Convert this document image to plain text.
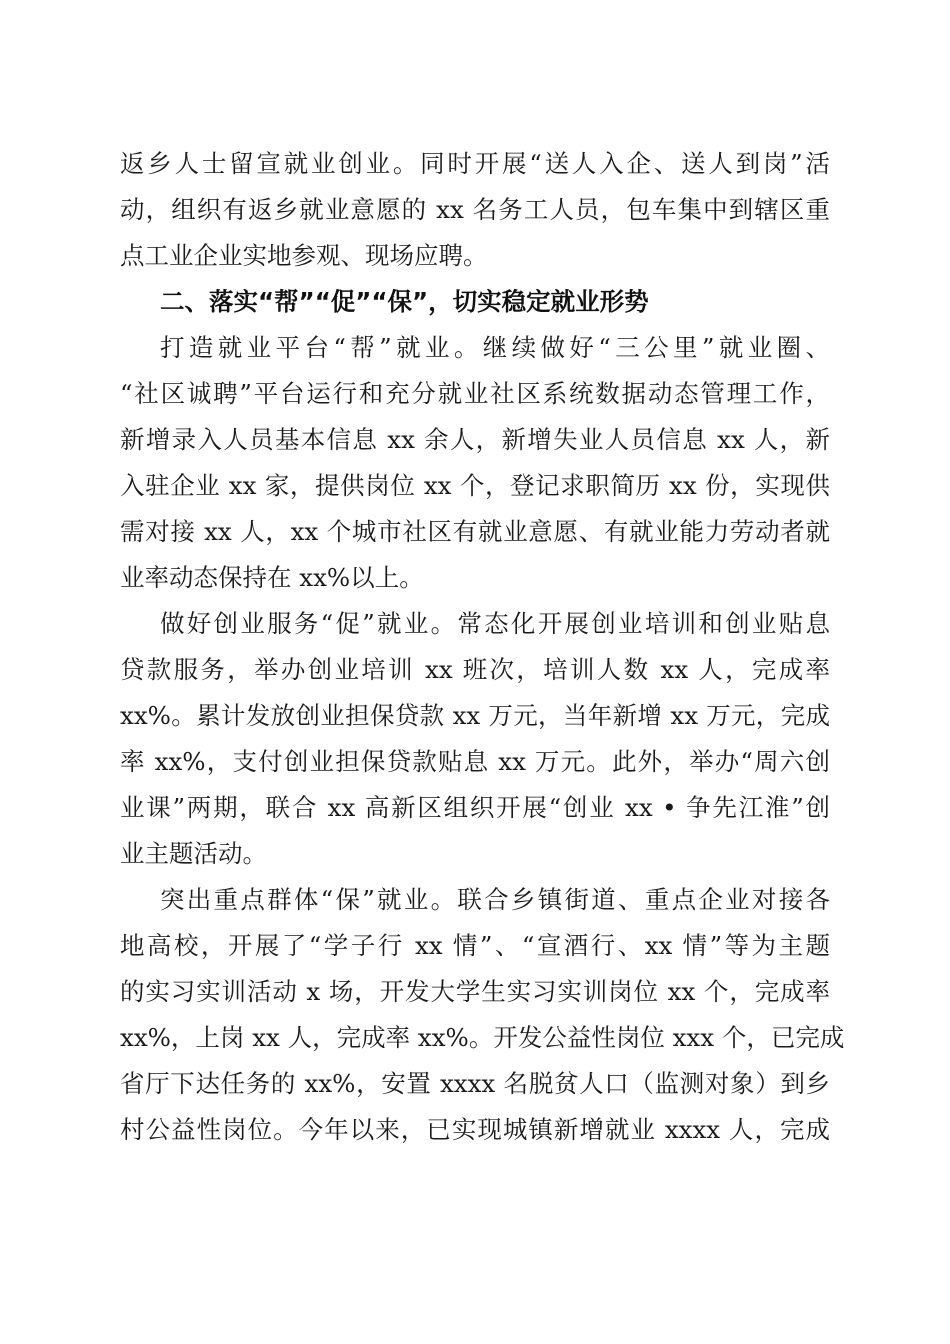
返乡人士留宣就业创业。同时开展“送人入企、送人到岗”活
动，组织有返乡就业意愿的 xx 名务工人员，包车集中到辖区重
点工业企业实地参观、现场应聘。
二、落实“帮”“促”“保”，切实稳定就业形势
打造就业平台“帮”就业。继续做好“三公里”就业圈、
“社区诚聘”平台运行和充分就业社区系统数据动态管理工作，
新增录入人员基本信息 xx 余人，新增失业人员信息 xx 人，新
入驻企业 xx 家，提供岗位 xx 个，登记求职简历 xx 份，实现供
需对接 xx 人，xx 个城市社区有就业意愿、有就业能力劳动者就
业率动态保持在 xx%以上。
做好创业服务“促”就业。常态化开展创业培训和创业贴息
贷款服务，举办创业培训 xx 班次，培训人数 xx 人，完成率
xx%。累计发放创业担保贷款 xx 万元，当年新增 xx 万元，完成
率 xx%，支付创业担保贷款贴息 xx 万元。此外，举办“周六创
业课”两期，联合 xx 高新区组织开展“创业 xx • 争先江淮”创
业主题活动。
突出重点群体“保”就业。联合乡镇街道、重点企业对接各
地高校，开展了“学子行 xx 情”、“宣酒行、xx 情”等为主题
的实习实训活动 x 场，开发大学生实习实训岗位 xx 个，完成率
xx%，上岗 xx 人，完成率 xx%。开发公益性岗位 xxx 个，已完成
省厅下达任务的 xx%，安置 xxxx 名脱贫人口（监测对象）到乡
村公益性岗位。今年以来，已实现城镇新增就业 xxxx 人，完成
